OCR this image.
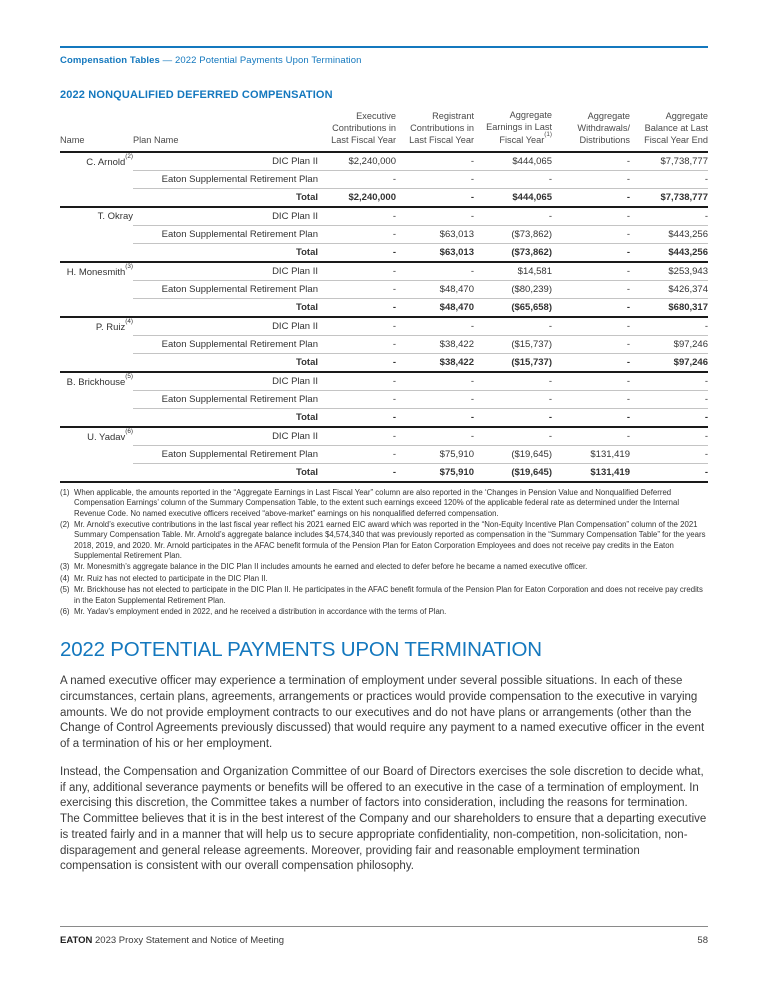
Compensation Tables — 2022 Potential Payments Upon Termination
2022 NONQUALIFIED DEFERRED COMPENSATION
Name	Plan Name	Executive Contributions in Last Fiscal Year	Registrant Contributions in Last Fiscal Year	Aggregate Earnings in Last Fiscal Year$^{(1)}$	Aggregate Withdrawals/ Distributions	Aggregate Balance at Last Fiscal Year End
C. Arnold$^{(2)}$	DIC Plan II	$2,240,000	-	$444,065	-	$7,738,777
	Eaton Supplemental Retirement Plan	-	-	-	-	-
	Total	$2,240,000	-	$444,065	-	$7,738,777
T. Okray	DIC Plan II	-	-	-	-	-
	Eaton Supplemental Retirement Plan	-	$63,013	($73,862)	-	$443,256
	Total	-	$63,013	($73,862)	-	$443,256
H. Monesmith$^{(3)}$	DIC Plan II	-	-	$14,581	-	$253,943
	Eaton Supplemental Retirement Plan	-	$48,470	($80,239)	-	$426,374
	Total	-	$48,470	($65,658)	-	$680,317
P. Ruiz$^{(4)}$	DIC Plan II	-	-	-	-	-
	Eaton Supplemental Retirement Plan	-	$38,422	($15,737)	-	$97,246
	Total	-	$38,422	($15,737)	-	$97,246
B. Brickhouse$^{(5)}$	DIC Plan II	-	-	-	-	-
	Eaton Supplemental Retirement Plan	-	-	-	-	-
	Total	-	-	-	-	-
U. Yadav$^{(6)}$	DIC Plan II	-	-	-	-	-
	Eaton Supplemental Retirement Plan	-	$75,910	($19,645)	$131,419	-
	Total	-	$75,910	($19,645)	$131,419	-
(1) When applicable, the amounts reported in the “Aggregate Earnings in Last Fiscal Year” column are also reported in the ‘Changes in Pension Value and Nonqualified Deferred Compensation Earnings’ column of the Summary Compensation Table, to the extent such earnings exceed 120% of the applicable federal rate as determined under the Internal Revenue Code. No named executive officers received “above-market” earnings on his nonqualified deferred compensation.
(2) Mr. Arnold’s executive contributions in the last fiscal year reflect his 2021 earned EIC award which was reported in the “Non-Equity Incentive Plan Compensation” column of the 2021 Summary Compensation Table. Mr. Arnold’s aggregate balance includes $4,574,340 that was previously reported as compensation in the “Summary Compensation Table” for the years 2018, 2019, and 2020. Mr. Arnold participates in the AFAC benefit formula of the Pension Plan for Eaton Corporation Employees and does not receive pay credits in the Eaton Supplemental Retirement Plan.
(3) Mr. Monesmith’s aggregate balance in the DIC Plan II includes amounts he earned and elected to defer before he became a named executive officer.
(4) Mr. Ruiz has not elected to participate in the DIC Plan II.
(5) Mr. Brickhouse has not elected to participate in the DIC Plan II. He participates in the AFAC benefit formula of the Pension Plan for Eaton Corporation and does not receive pay credits in the Eaton Supplemental Retirement Plan.
(6) Mr. Yadav’s employment ended in 2022, and he received a distribution in accordance with the terms of Plan.
2022 POTENTIAL PAYMENTS UPON TERMINATION

A named executive officer may experience a termination of employment under several possible situations. In each of these circumstances, certain plans, agreements, arrangements or practices would provide compensation to the executive in varying amounts. We do not provide employment contracts to our executives and do not have plans or arrangements (other than the Change of Control Agreements previously discussed) that would require any payment to a named executive officer in the event of a termination of his or her employment.

Instead, the Compensation and Organization Committee of our Board of Directors exercises the sole discretion to decide what, if any, additional severance payments or benefits will be offered to an executive in the case of a termination of employment. In exercising this discretion, the Committee takes a number of factors into consideration, including the reasons for termination. The Committee believes that it is in the best interest of the Company and our shareholders to ensure that a departing executive is treated fairly and in a manner that will help us to secure appropriate confidentiality, non-competition, non-solicitation, non-disparagement and general release agreements. Moreover, providing fair and reasonable employment termination compensation is consistent with our overall compensation philosophy.

EATON 2023 Proxy Statement and Notice of Meeting	58
